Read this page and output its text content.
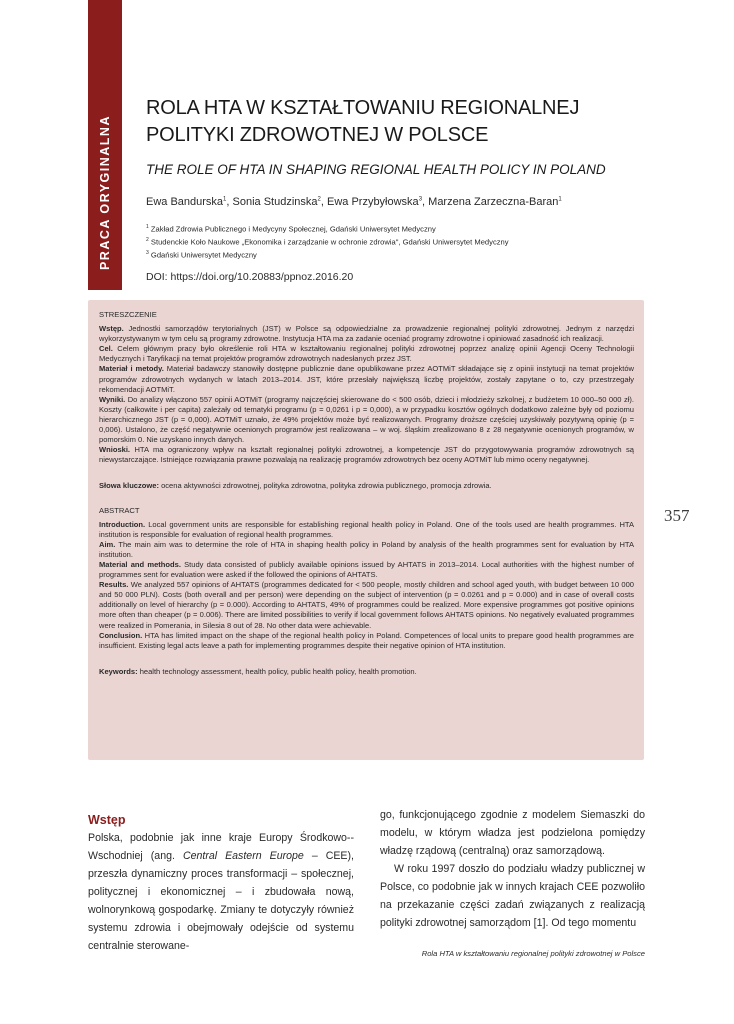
PRACA ORYGINALNA
ROLA HTA W KSZTAŁTOWANIU REGIONALNEJ POLITYKI ZDROWOTNEJ W POLSCE
THE ROLE OF HTA IN SHAPING REGIONAL HEALTH POLICY IN POLAND
Ewa Bandurska$^1$, Sonia Studzinska$^2$, Ewa Przybyłowska$^3$, Marzena Zarzeczna-Baran$^1$
$^1$ Zakład Zdrowia Publicznego i Medycyny Społecznej, Gdański Uniwersytet Medyczny
$^2$ Studenckie Koło Naukowe „Ekonomika i zarządzanie w ochronie zdrowia", Gdański Uniwersytet Medyczny
$^3$ Gdański Uniwersytet Medyczny
DOI: https://doi.org/10.20883/ppnoz.2016.20

STRESZCZENIE

Wstęp. Jednostki samorządów terytorialnych (JST) w Polsce są odpowiedzialne za prowadzenie regionalnej polityki zdrowotnej. Jednym z narzędzi wykorzystywanym w tym celu są programy zdrowotne. Instytucja HTA ma za zadanie oceniać programy zdrowotne i opiniować zasadność ich realizacji.

Cel. Celem głównym pracy było określenie roli HTA w kształtowaniu regionalnej polityki zdrowotnej poprzez analizę opinii Agencji Oceny Technologii Medycznych i Taryfikacji na temat projektów programów zdrowotnych nadesłanych przez JST.

Materiał i metody. Materiał badawczy stanowiły dostępne publicznie dane opublikowane przez AOTMiT składające się z opinii instytucji na temat projektów programów zdrowotnych wydanych w latach 2013–2014. JST, które przesłały największą liczbę projektów, zostały zapytane o to, czy przestrzegały rekomendacji AOTMiT.

Wyniki. Do analizy włączono 557 opinii AOTMiT (programy najczęściej skierowane do < 500 osób, dzieci i młodzieży szkolnej, z budżetem 10 000–50 000 zł). Koszty (całkowite i per capita) zależały od tematyki programu (p = 0,0261 i p = 0,000), a w przypadku kosztów ogólnych dodatkowo zależne były od poziomu hierarchicznego JST (p = 0,000). AOTMiT uznało, że 49% projektów może być realizowanych. Programy droższe częściej uzyskiwały pozytywną opinię (p = 0,006). Ustalono, że część negatywnie ocenionych programów jest realizowana – w woj. śląskim zrealizowano 8 z 28 negatywnie ocenionych programów, w pomorskim 0. Nie uzyskano innych danych.

Wnioski. HTA ma ograniczony wpływ na kształt regionalnej polityki zdrowotnej, a kompetencje JST do przygotowywania programów zdrowotnych są niewystarczające. Istniejące rozwiązania prawne pozwalają na realizację programów zdrowotnych bez oceny AOTMiT lub mimo oceny negatywnej.

Słowa kluczowe: ocena aktywności zdrowotnej, polityka zdrowotna, polityka zdrowia publicznego, promocja zdrowia.

ABSTRACT

Introduction. Local government units are responsible for establishing regional health policy in Poland. One of the tools used are health programmes. HTA institution is responsible for evaluation of regional health programmes.

Aim. The main aim was to determine the role of HTA in shaping health policy in Poland by analysis of the health programmes sent for evaluation by HTA institution.

Material and methods. Study data consisted of publicly available opinions issued by AHTATS in 2013–2014. Local authorities with the highest number of programmes sent for evaluation were asked if the followed the opinions of AHTATS.

Results. We analyzed 557 opinions of AHTATS (programmes dedicated for < 500 people, mostly children and school aged youth, with budget between 10 000 and 50 000 PLN). Costs (both overall and per person) were depending on the subject of intervention (p = 0.0261 and p = 0.000) and in case of overall costs additionally on level of hierarchy (p = 0.000). According to AHTATS, 49% of programmes could be realized. More expensive programmes got positive opinions more often than cheaper (p = 0.006). There are limited possibilities to verify if local government follows AHTATS opinions. No negatively evaluated programmes were realized in Pomerania, in Silesia 8 out of 28. No other data were achievable.

Conclusion. HTA has limited impact on the shape of the regional health policy in Poland. Competences of local units to prepare good health programmes are insufficient. Existing legal acts leave a path for implementing programmes despite their negative opinion of HTA institution.

Keywords: health technology assessment, health policy, public health policy, health promotion.

357
Wstęp

Polska, podobnie jak inne kraje Europy Środkowo--Wschodniej (ang. Central Eastern Europe – CEE), przeszła dynamiczny proces transformacji – społecznej, politycznej i ekonomicznej – i zbudowała nową, wolnorynkową gospodarkę. Zmiany te dotyczyły również systemu zdrowia i obejmowały odejście od systemu centralnie sterowane-

go, funkcjonującego zgodnie z modelem Siemaszki do modelu, w którym władza jest podzielona pomiędzy władzę rządową (centralną) oraz samorządową.

W roku 1997 doszło do podziału władzy publicznej w Polsce, co podobnie jak w innych krajach CEE pozwoliło na przekazanie części zadań związanych z realizacją polityki zdrowotnej samorządom [1]. Od tego momentu

Rola HTA w kształtowaniu regionalnej polityki zdrowotnej w Polsce
